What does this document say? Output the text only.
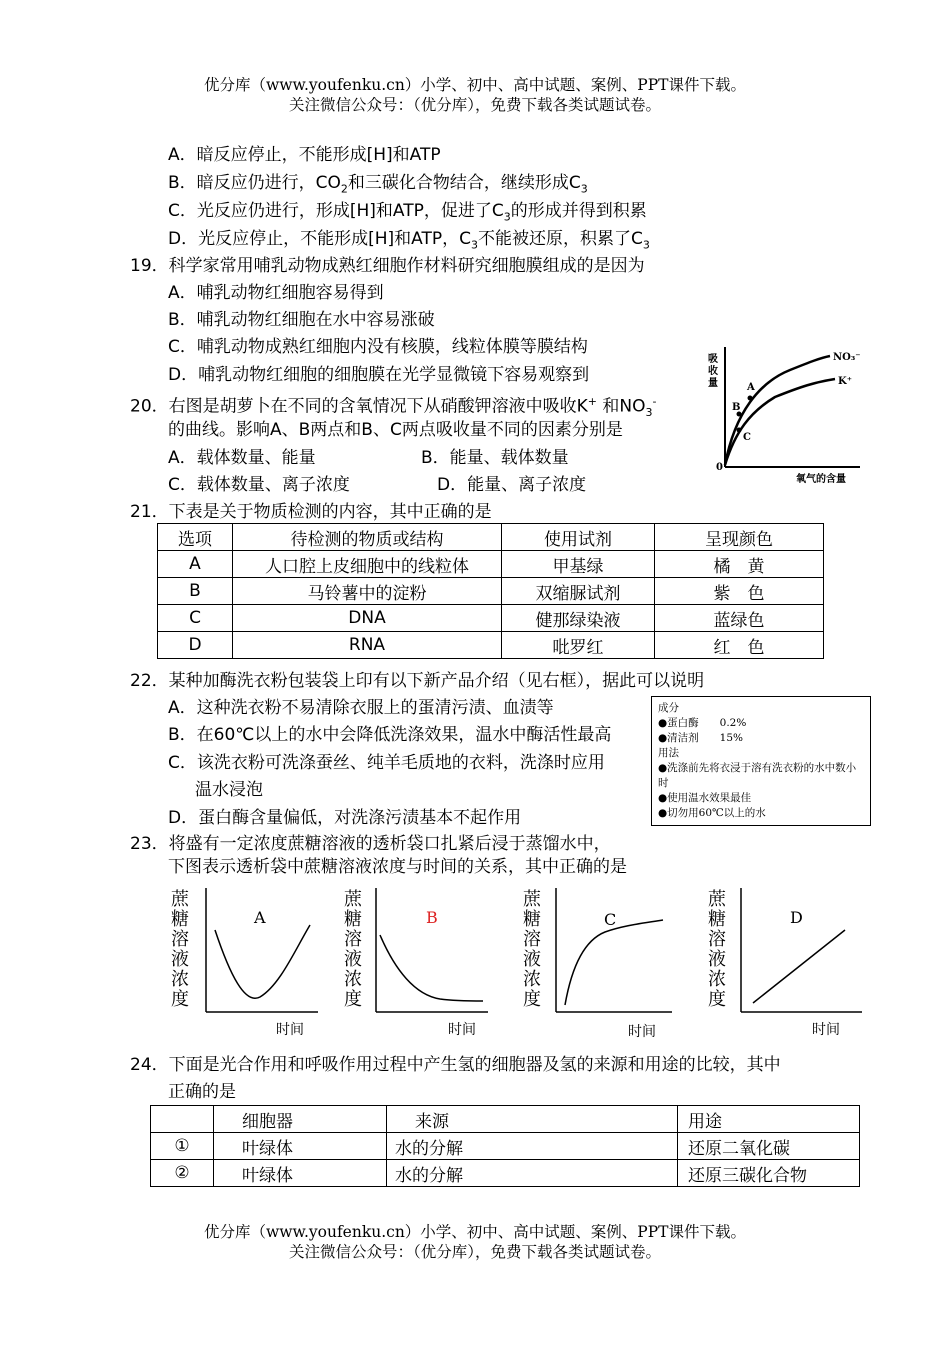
优分库（www.youfenku.cn）小学、初中、高中试题、案例、PPT课件下载。
关注微信公众号：（优分库），免费下载各类试题试卷。
A．暗反应停止，不能形成[H]和ATP
B．暗反应仍进行，$CO_2$和三碳化合物结合，继续形成$C_3$
C．光反应仍进行，形成[H]和ATP，促进了$C_3$的形成并得到积累
D．光反应停止，不能形成[H]和ATP，$C_3$不能被还原，积累了$C_3$
19．科学家常用哺乳动物成熟红细胞作材料研究细胞膜组成的是因为
A．哺乳动物红细胞容易得到
B．哺乳动物红细胞在水中容易涨破
C．哺乳动物成熟红细胞内没有核膜，线粒体膜等膜结构
D．哺乳动物红细胞的细胞膜在光学显微镜下容易观察到
20．右图是胡萝卜在不同的含氧情况下从硝酸钾溶液中吸收K+ 和$NO_3^-$
的曲线。影响A、B两点和B、C两点吸收量不同的因素分别是
A．载体数量、能量	B．能量、载体数量
C．载体数量、离子浓度	D．能量、离子浓度
吸
收
量
0
氧气的含量
NO₃⁻
K⁺
A
B
C
21．下表是关于物质检测的内容，其中正确的是
选项	待检测的物质或结构	使用试剂	呈现颜色
A	人口腔上皮细胞中的线粒体	甲基绿	橘　黄
B	马铃薯中的淀粉	双缩脲试剂	紫　色
C	DNA	健那绿染液	蓝绿色
D	RNA	吡罗红	红　色
22．某种加酶洗衣粉包装袋上印有以下新产品介绍（见右框），据此可以说明
A．这种洗衣粉不易清除衣服上的蛋清污渍、血渍等
B．在60℃以上的水中会降低洗涤效果，温水中酶活性最高
C．该洗衣粉可洗涤蚕丝、纯羊毛质地的衣料，洗涤时应用
温水浸泡
D．蛋白酶含量偏低，对洗涤污渍基本不起作用
成分
●蛋白酶　　0.2%
●清洁剂　　15%
用法
●洗涤前先将衣浸于溶有洗衣粉的水中数小时
●使用温水效果最佳
●切勿用60℃以上的水
23．将盛有一定浓度蔗糖溶液的透析袋口扎紧后浸于蒸馏水中，
下图表示透析袋中蔗糖溶液浓度与时间的关系，其中正确的是
蔗
糖
溶
液
浓
度
A
时间
蔗
糖
溶
液
浓
度
B
时间
蔗
糖
溶
液
浓
度
C
时间
蔗
糖
溶
液
浓
度
D
时间
24．下面是光合作用和呼吸作用过程中产生氢的细胞器及氢的来源和用途的比较，其中
正确的是
	细胞器	来源	用途
①	叶绿体	水的分解	还原二氧化碳
②	叶绿体	水的分解	还原三碳化合物
优分库（www.youfenku.cn）小学、初中、高中试题、案例、PPT课件下载。
关注微信公众号：（优分库），免费下载各类试题试卷。
